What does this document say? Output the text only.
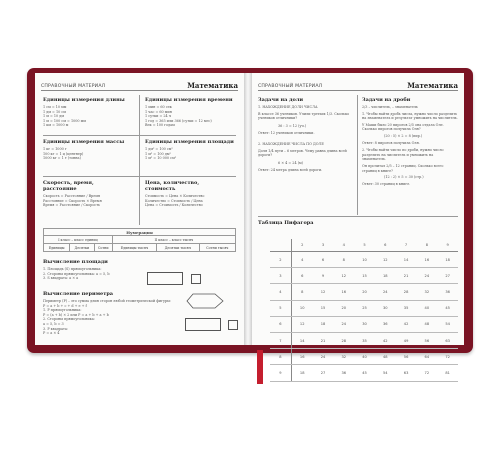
СПРАВОЧНЫЙ МАТЕРИАЛ	Математика
Единицы измерения длины
1 см = 10 мм
1 дм = 10 см
1 м = 10 дм
1 м = 100 см = 1000 мм
1 км = 1000 м
Единицы измерения времени
1 мин = 60 сек
1 час = 60 мин
1 сутки = 24 ч
1 год = 365 или 366 (сутки = 12 мес)
Век = 100 годам
Единицы измерения массы
1 кг = 1000 г
100 кг = 1 ц (центнер)
1000 кг = 1 т (тонна)
Единицы измерения площади
1 дм² = 100 см²
1 м² = 100 дм²
1 м² = 10 000 см²
Скорость, время, расстояние
Скорость = Расстояние / Время
Расстояние = Скорость × Время
Время = Расстояние / Скорость
Цена, количество, стоимость
Стоимость = Цена × Количество
Количество = Стоимость / Цена
Цена = Стоимость / Количество
Нумерация					
I класс – класс единиц			II класс – класс тысяч		
Единицы	Десятки	Сотни	Единицы тысяч	Десятки тысяч	Сотни тысяч
Вычисление площади
1. Площадь (S) прямоугольника:
2. Стороны прямоугольника: a = 5, b
3. S квадрата: a × a
Вычисление периметра
Периметр (P) – это сумма длин сторон любой геометрической фигуры:
P = a + b + c + d + e + f
1. P прямоугольника:
P = (a + b) × 2 или P = a + b + a + b
2. Стороны прямоугольника:
a = 5, b = 3
3. P квадрата:
P = a × 4
СПРАВОЧНЫЙ МАТЕРИАЛ	Математика
Задачи на доли
1. НАХОЖДЕНИЕ ДОЛИ ЧИСЛА
В классе 36 учеников. Учили третьих 1/3. Сколько учеников отличники?
36 : 3 = 12 (уч.)
Ответ: 12 учеников отличники.
2. НАХОЖДЕНИЕ ЧИСЛА ПО ДОЛЕ
Доля 1/4 пути – 6 метров. Чему равна длина всей дороги?
6 × 4 = 24 (м)
Ответ: 24 метра длина всей дороги.
Задачи на дроби
2/3 – числитель, – знаменатель
1. Чтобы найти дробь числа, нужно число разделить на знаменатель и результат умножить на числитель.
У Маши было 20 пирогов 2/5 она отдала Оле. Сколько пирогов получила Оля?
(20 : 5) × 2 = 8 (пир.)
Ответ: 8 пирогов получила Оля.
2. Чтобы найти число по дроби, нужно число разделить на числитель и умножить на знаменатель.
Он прочитал 2/5 – 12 страниц. Сколько всего страниц в книге?
(12 : 2) × 5 = 30 (стр.)
Ответ: 30 страниц в книге.
Таблица Пифагора
	2	3	4	5	6	7	8	9
2	4	6	8	10	12	14	16	18
3	6	9	12	15	18	21	24	27
4	8	12	16	20	24	28	32	36
5	10	15	20	25	30	35	40	45
6	12	18	24	30	36	42	48	54
7	14	21	28	35	42	49	56	63
8	16	24	32	40	48	56	64	72
9	18	27	36	45	54	63	72	81
